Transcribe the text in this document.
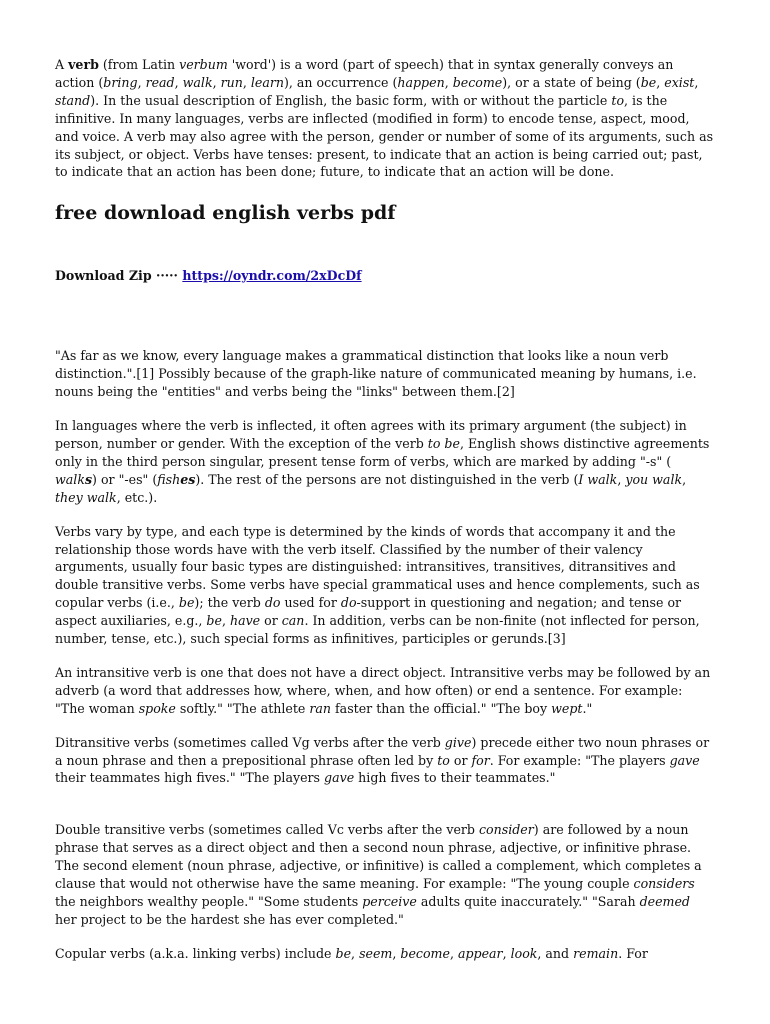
A verb (from Latin verbum 'word') is a word (part of speech) that in syntax generally conveys an action (bring, read, walk, run, learn), an occurrence (happen, become), or a state of being (be, exist, stand). In the usual description of English, the basic form, with or without the particle to, is the infinitive. In many languages, verbs are inflected (modified in form) to encode tense, aspect, mood, and voice. A verb may also agree with the person, gender or number of some of its arguments, such as its subject, or object. Verbs have tenses: present, to indicate that an action is being carried out; past, to indicate that an action has been done; future, to indicate that an action will be done.

free download english verbs pdf
Download Zip ····· https://oyndr.com/2xDcDf

"As far as we know, every language makes a grammatical distinction that looks like a noun verb distinction.".[1] Possibly because of the graph-like nature of communicated meaning by humans, i.e. nouns being the "entities" and verbs being the "links" between them.[2]

In languages where the verb is inflected, it often agrees with its primary argument (the subject) in person, number or gender. With the exception of the verb to be, English shows distinctive agreements only in the third person singular, present tense form of verbs, which are marked by adding "-s" ( walks) or "-es" (fishes). The rest of the persons are not distinguished in the verb (I walk, you walk, they walk, etc.).

Verbs vary by type, and each type is determined by the kinds of words that accompany it and the relationship those words have with the verb itself. Classified by the number of their valency arguments, usually four basic types are distinguished: intransitives, transitives, ditransitives and double transitive verbs. Some verbs have special grammatical uses and hence complements, such as copular verbs (i.e., be); the verb do used for do-support in questioning and negation; and tense or aspect auxiliaries, e.g., be, have or can. In addition, verbs can be non-finite (not inflected for person, number, tense, etc.), such special forms as infinitives, participles or gerunds.[3]

An intransitive verb is one that does not have a direct object. Intransitive verbs may be followed by an adverb (a word that addresses how, where, when, and how often) or end a sentence. For example: "The woman spoke softly." "The athlete ran faster than the official." "The boy wept."

Ditransitive verbs (sometimes called Vg verbs after the verb give) precede either two noun phrases or a noun phrase and then a prepositional phrase often led by to or for. For example: "The players gave their teammates high fives." "The players gave high fives to their teammates."

Double transitive verbs (sometimes called Vc verbs after the verb consider) are followed by a noun phrase that serves as a direct object and then a second noun phrase, adjective, or infinitive phrase. The second element (noun phrase, adjective, or infinitive) is called a complement, which completes a clause that would not otherwise have the same meaning. For example: "The young couple considers the neighbors wealthy people." "Some students perceive adults quite inaccurately." "Sarah deemed her project to be the hardest she has ever completed."

Copular verbs (a.k.a. linking verbs) include be, seem, become, appear, look, and remain. For
